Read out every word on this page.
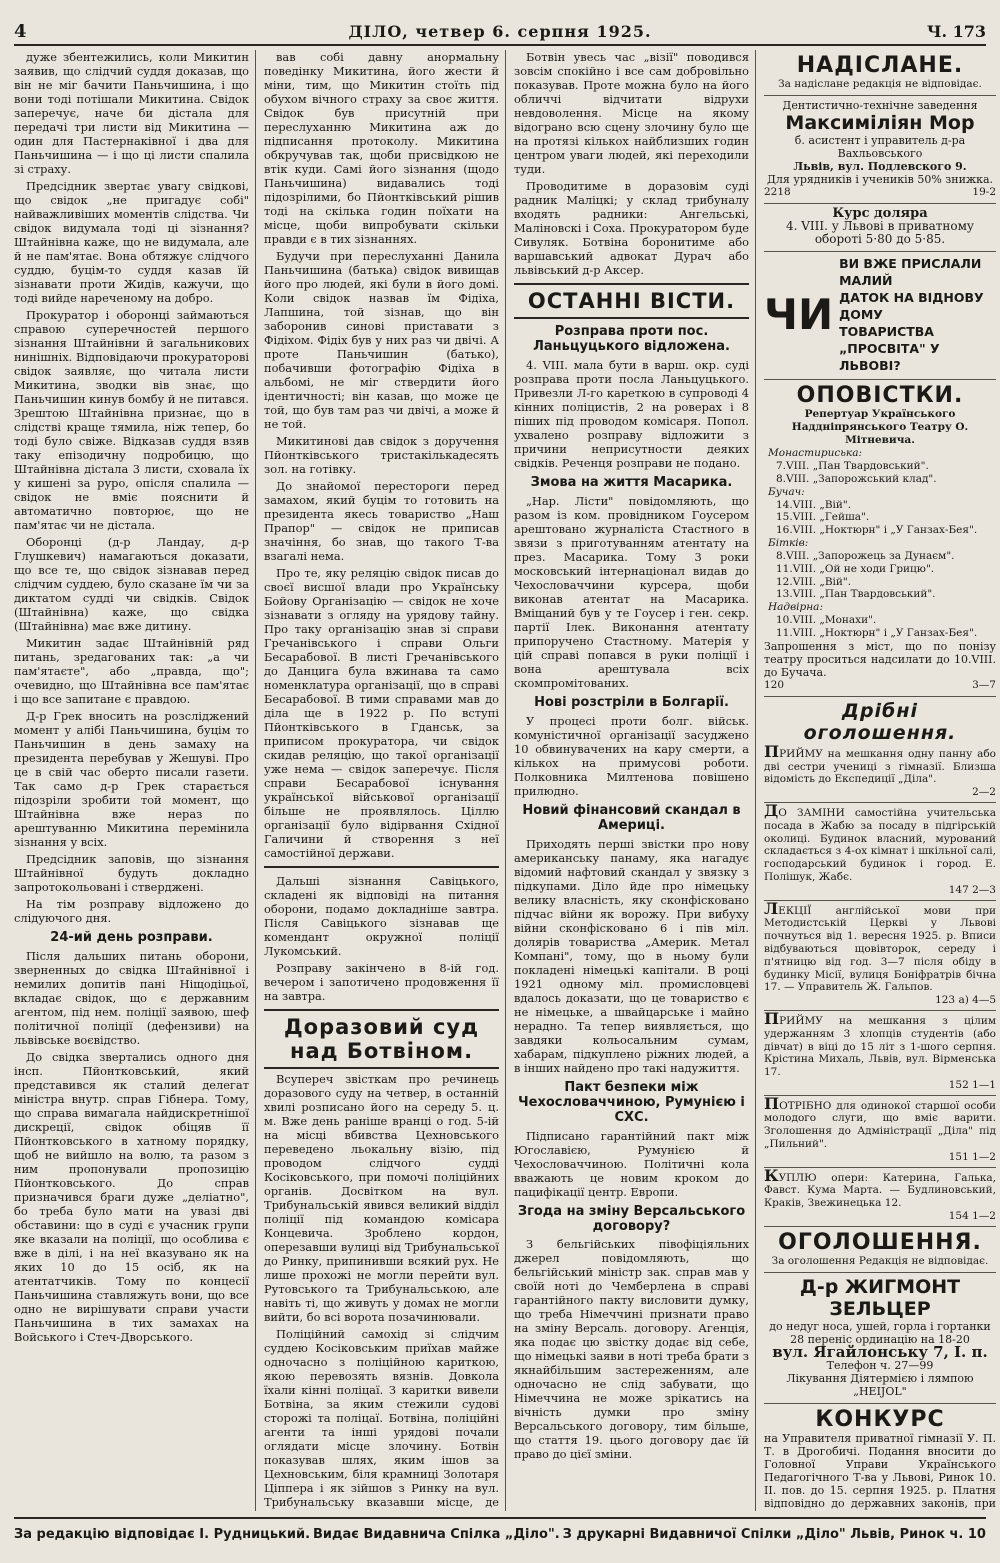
4	ДІЛО, четвер 6. серпня 1925.	Ч. 173

дуже збентежились, коли Микитин заявив, що слідчий суддя доказав, що він не міг бачити Паньчишина, і що вони тоді потішали Микитина. Свідок заперечує, наче би дістала для передачі три листи від Микитина — один для Пастернаківної і два для Паньчишина — і що ці листи спалила зі страху.

Предсідник звертає увагу свідкові, що свідок „не пригадує собі" найважливіших моментів слідства. Чи свідок видумала тоді ці зізнання? Штайнівна каже, що не видумала, але й не пам'ятає. Вона обтяжує слідчого суддю, буцім-то суддя казав їй зізнавати проти Жидів, кажучи, що тоді вийде нареченому на добро.

Прокуратор і оборонці займаються справою суперечностей першого зізнання Штайнівни й загальникових нинішніх. Відповідаючи прокураторові свідок заявляє, що читала листи Микитина, зводки вів знає, що Паньчишин кинув бомбу й не питався. Зрештою Штайнівна признає, що в слідстві краще тямила, ніж тепер, бо тоді було свіже. Відказав суддя взяв таку епізодичну подробицю, що Штайнівна дістала 3 листи, сховала їх у кишені за руро, опісля спалила — свідок не вміє пояснити й автоматично повторює, що не пам'ятає чи не дістала.

Оборонці (д-р Ландау, д-р Глушкевич) намагаються доказати, що все те, що свідок зізнавав перед слідчим суддею, було сказане їм чи за диктатом судді чи свідків. Свідок (Штайнівна) каже, що свідка (Штайнівна) має вже дитину.

Микитин задає Штайнівній ряд питань, зредагованих так: „а чи пам'ятаєте", або „правда, що"; очевидно, що Штайнівна все пам'ятає і що все запитане є правдою.

Д-р Грек вносить на розсліджений момент у алібі Паньчишина, буцім то Паньчишин в день замаху на президента перебував у Жешуві. Про це в свій час оберто писали газети. Так само д-р Грек старається підозріли зробити той момент, що Штайнівна вже нераз по арештуванню Микитина перемінила зізнання у всіх.

Предсідник заповів, що зізнання Штайнівної будуть докладно запротокольовані і стверджені.

На тім розправу відложено до слідуючого дня.

24-ий день розправи.

Після дальших питань оборони, зверненных до свідка Штайнівної і немилих допитів пані Ніщодіцьої, вкладає свідок, що є державним агентом, під нем. поліції заявою, шеф політичної поліції (дефензиви) на львівське воєвідство.

До свідка звертались одного дня інсп. Пйонтковський, який представився як сталий делегат міністра внутр. справ Гібнера. Тому, що справа вимагала найдискретнішої дискреції, свідок обіцяв її Пйонтковського в хатному порядку, щоб не вийшло на волю, та разом з ним пропонували пропозицію Пйонтковського. До справ призначився браги дуже „деліатно", бо треба було мати на увазі дві обставини: що в суді є учасник групи яке вказали на поліції, що особлива є вже в ділі, і на неї вказувано як на яких 10 до 15 осіб, як на атентатчиків. Тому по концесії Паньчишина ставляжуть вони, що все одно не вирішувати справи участи Паньчишина в тих замахах на Войського і Стеч-Дворського.

вав собі давну анормальну поведінку Микитина, його жести й міни, тим, що Микитин стоїть під обухом вічного страху за своє життя. Свідок був присутній при переслуханню Микитина аж до підписання протоколу. Микитина обкручував так, щоби присвідкою не втік куди. Самі його зізнання (щодо Паньчишина) видавались тоді підозрілими, бо Пйонтківський рішив тоді на скілька годин поїхати на місце, щоби випробувати скільки правди є в тих зізнаннях.

Будучи при переслуханні Данила Паньчишина (батька) свідок вивищав його про людей, які були в його домі. Коли свідок назвав їм Фідіха, Лапшина, той зізнав, що він заборонив синові приставати з Фідіхом. Фідіх був у них раз чи двічі. А проте Паньчишин (батько), побачивши фотографію Фідіха в альбомі, не міг ствердити його ідентичності; він казав, що може це той, що був там раз чи двічі, а може й не той.

Микитинові дав свідок з доручення Пйонтківського тристакількадесять зол. на готівку.

До знайомої перестороги перед замахом, який буцім то готовить на президента якесь товариство „Наш Прапор" — свідок не приписав значіння, бо знав, що такого Т-ва взагалі нема.

Про те, яку реляцію свідок писав до своєї висшої влади про Українську Бойову Організацію — свідок не хоче зізнавати з огляду на урядову тайну. Про таку організацію знав зі справи Гречанівського і справи Ольги Бесарабової. В листі Гречанівського до Данцига була вжинава та само номенклатура організації, що в справі Бесарабової. В тими справами мав до діла ще в 1922 р. По вступі Пйонтківського в Гданськ, за приписом прокуратора, чи свідок скидав реляцію, що такої організації уже нема — свідок заперечує. Після справи Бесарабової існування української військової організації більше не проявлялось. Ціллю організації було відірвання Східної Галичини й створення з неї самостійної держави.

Дальші зізнання Савіцького, складені як відповіді на питання оборони, подамо докладніше завтра. Після Савіцького зізнавав ще комендант окружної поліції Лукомський.

Розправу закінчено в 8-ій год. вечером і запотичено продовження її на завтра.

Доразовий суд над Ботвіном.

Всупереч звісткам про речинець доразового суду на четвер, в останній хвилі розписано його на середу 5. ц. м. Вже день раніше вранці о год. 5-ій на місці вбивства Цехновського переведено льокальну візію, під проводом слідчого судді Косіковського, при помочі поліційних органів. Досвітком на вул. Трибунальській явився великий відділ поліції під командою комісара Концевича. Зроблено кордон, оперезавши вулиці від Трибунальської до Ринку, припинивши всякий рух. Не лише прохожі не могли перейти вул. Рутовського та Трибунальською, але навіть ті, що живуть у домах не могли вийти, бо всі ворота позачинювали.

Поліційний самохід зі слідчим суддею Косіковським приїхав майже одночасно з поліційною кариткою, якою перевозять вязнів. Довкола їхали кінні поліцаї. З каритки вивели Ботвіна, за яким стежили судові сторожі та поліцаї. Ботвіна, поліційні агенти та інші урядові почали оглядати місце злочину. Ботвін показував шлях, яким ішов за Цехновським, біля крамниці Золотаря Ціппера і як зійшов з Ринку на вул. Трибунальську вказавши місце, де

Ботвін увесь час „візії" поводився зовсім спокійно і все сам добровільно показував. Проте можна було на його обличчі відчитати відрухи невдоволення. Місце на якому відограно всю сцену злочину було ще на протязі кількох найблизших годин центром уваги людей, які переходили туди.

Проводитиме в доразовім суді радник Маліцкі; у склад трибуналу входять радники: Ангельські, Маліновскі і Соха. Прокуратором буде Сивуляк. Ботвіна боронитиме або варшавський адвокат Дурач або львівський д-р Аксер.

ОСТАННІ ВІСТИ.
Розправа проти пос. Ланьцуцького відложена.

4. VIII. мала бути в варш. окр. суді розправа проти посла Ланьцуцького. Привезли Л-го кареткою в супроводі 4 кінних поліцистів, 2 на роверах і 8 піших під проводом комісаря. Попол. ухвалено розправу відложити з причини неприсутности деяких свідків. Реченця розправи не подано.

Змова на життя Масарика.

„Нар. Лісти" повідомляють, що разом із ком. провідником Гоусером арештовано журналіста Стастного в звязи з приготуванням атентату на през. Масарика. Тому 3 роки московський інтернаціонал видав до Чехословаччини курсера, щоби виконав атентат на Масарика. Вміщаний був у те Гоусер і ген. секр. партії Ілек. Виконання атентату припоручено Стастному. Матерія у цій справі попався в руки поліції і вона арештувала всіх скомпромітованих.

Нові розстріли в Болгарії.

У процесі проти болг. військ. комуністичної організації засуджено 10 обвинувачених на кару смерти, а кількох на примусові роботи. Полковника Милтенова повішено прилюдно.

Новий фінансовий скандал в Америці.

Приходять перші звістки про нову американську панаму, яка нагадує відомий нафтовий скандал у звязку з підкупами. Діло йде про німецьку велику власність, яку сконфісковано підчас війни як ворожу. При вибуху війни сконфісковано 6 і пів міл. долярів товариства „Америк. Метал Компані", тому, що в ньому були покладені німецькі капітали. В році 1921 одному міл. промисловцеві вдалось доказати, що це товариство є не німецьке, а швайцарське і майно нерадно. Та тепер виявляється, що завдяки кольосальним сумам, хабарам, підкуплено ріжних людей, а в інших найдено про такі надужиття.

Пакт безпеки між Чехословаччиною, Румунією і СХС.

Підписано гарантійний пакт між Югославією, Румунією й Чехословаччиною. Політичні кола вважають це новим кроком до пацифікації центр. Европи.

Згода на зміну Версальського договору?

З бельгійських півофіціяльних джерел повідомляють, що бельгійський міністр зак. справ мав у своїй ноті до Чемберлена в справі гарантійного пакту висловити думку, що треба Німеччині признати право на зміну Версаль. договору. Агенція, яка подає цю звістку додає від себе, що німецькі заяви в ноті треба брати з якнайбільшим застереженням, але одночасно не слід забувати, що Німеччина не може зрікатись на вічність думки про зміну Версальського договору, тим більше, що стаття 19. цього договору дає їй право до цієї зміни.

НАДІСЛАНЕ.
За надіслане редакція не відповідає.
Дентистично-технічне заведення
Максиміліян Мор
б. асистент і управитель д-ра Вахльовського
Львів, вул. Подлевского 9.
Для урядників і учеників 50% знижка.
2218	19-2
Курс доляра
4. VIII. у Львові в приватному обороті 5·80 до 5·85.
ЧИ
ВИ ВЖЕ ПРИСЛАЛИ МАЛИЙ
ДАТОК НА ВІДНОВУ ДОМУ
ТОВАРИСТВА „ПРОСВІТА" У ЛЬВОВІ?
ОПОВІСТКИ.
Репертуар Українського Наддніпрянського Театру О. Мітневича.
Монастириська:
7.VIII. „Пан Твардовський".
8.VIII. „Запорожський клад".
Бучач:
14.VIII. „Вій".
15.VIII. „Гейша".
16.VIII. „Ноктюрн" і „У Ганзах-Бея".
Бітків:
8.VIII. „Запорожець за Дунаєм".
11.VIII. „Ой не ходи Грицю".
12.VIII. „Вій".
13.VIII. „Пан Твардовський".
Надвірна:
10.VIII. „Монахи".
11.VIII. „Ноктюрн" і „У Ганзах-Бея".
Запрошення з міст, що по понізу театру проситься надсилати до 10.VIII. до Бучача.
120	3—7
Дрібні оголошення.
ПРИЙМУ на мешкання одну панну або дві сестри учениці з гімназії. Близша відомість до Експедиції „Діла".
2—2
ДО ЗАМІНИ самостійна учительська посада в Жабю за посаду в підгірській околиці. Будинок власний, мурований складається з 4-ох кімнат і шкільної салі, господарський будинок і город. Е. Полішук, Жабє.
147 2—3
ЛЕКЦІЇ англійської мови при Методистській Церкві у Львові почнуться від 1. вересня 1925. р. Вписи відбуваються щовівторок, середу і п'ятницю від год. 3—7 після обіду в будинку Місії, вулиця Боніфратрів бічна 17. — Управитель Ж. Гальпов.
123 а) 4—5
ПРИЙМУ на мешкання з цілим удержанням 3 хлопців студентів (або дівчат) в віці до 15 літ з 1-шого серпня. Крістина Михаль, Львів, вул. Вірменська 17.
152 1—1
ПОТРІБНО для одинокої старшої особи молодого слуги, що вміє варити. Зголошення до Адміністрації „Діла" під „Пильний".
151 1—2
КУПЛЮ опери: Катерина, Галька, Фавст. Кума Марта. — Будлиновський, Краків, Звежинецька 12.
154 1—2
ОГОЛОШЕННЯ.
За оголошення Редакція не відповідає.
Д-р ЖИГМОНТ ЗЕЛЬЦЕР
до недуг носа, ушей, горла і гортанки
28 переніс ординацію на 18-20
вул. Ягайлонську 7, І. п.
Телефон ч. 27—99
Лікування Діятермією і лямпою „HEIJOL"
КОНКУРС
на Управителя приватної гімназії У. П. Т. в Дрогобичі. Подання вносити до Головної Управи Українського Педагогічного Т-ва у Львові, Ринок 10. II. пов. до 15. серпня 1925. р. Платня відповідно до державних законів, при
За редакцію відповідає І. Рудницький. Видає Видавнича Спілка „Діло". З друкарні Видавничої Спілки „Діло" Львів, Ринок ч. 10
